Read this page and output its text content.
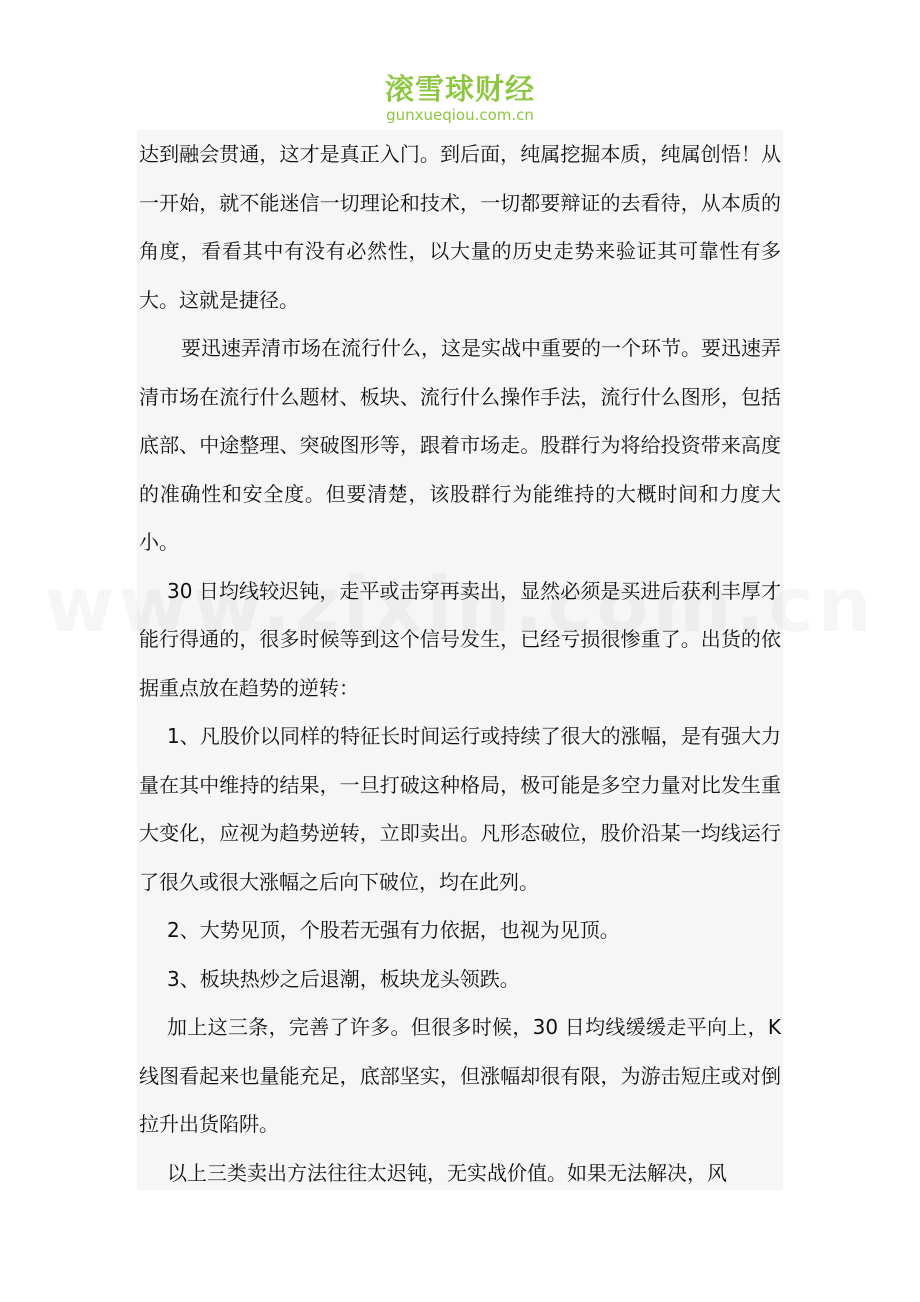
滚雪球财经
gunxueqiou.com.cn

达到融会贯通，这才是真正入门。到后面，纯属挖掘本质，纯属创悟！从一开始，就不能迷信一切理论和技术，一切都要辩证的去看待，从本质的角度，看看其中有没有必然性，以大量的历史走势来验证其可靠性有多大。这就是捷径。

要迅速弄清市场在流行什么，这是实战中重要的一个环节。要迅速弄清市场在流行什么题材、板块、流行什么操作手法，流行什么图形，包括底部、中途整理、突破图形等，跟着市场走。股群行为将给投资带来高度的准确性和安全度。但要清楚，该股群行为能维持的大概时间和力度大小。

30 日均线较迟钝，走平或击穿再卖出，显然必须是买进后获利丰厚才能行得通的，很多时候等到这个信号发生，已经亏损很惨重了。出货的依据重点放在趋势的逆转：

1、凡股价以同样的特征长时间运行或持续了很大的涨幅，是有强大力量在其中维持的结果，一旦打破这种格局，极可能是多空力量对比发生重大变化，应视为趋势逆转，立即卖出。凡形态破位，股价沿某一均线运行了很久或很大涨幅之后向下破位，均在此列。

2、大势见顶，个股若无强有力依据，也视为见顶。

3、板块热炒之后退潮，板块龙头领跌。

加上这三条，完善了许多。但很多时候，30 日均线缓缓走平向上，K 线图看起来也量能充足，底部坚实，但涨幅却很有限，为游击短庄或对倒拉升出货陷阱。

以上三类卖出方法往往太迟钝，无实战价值。如果无法解决，风
